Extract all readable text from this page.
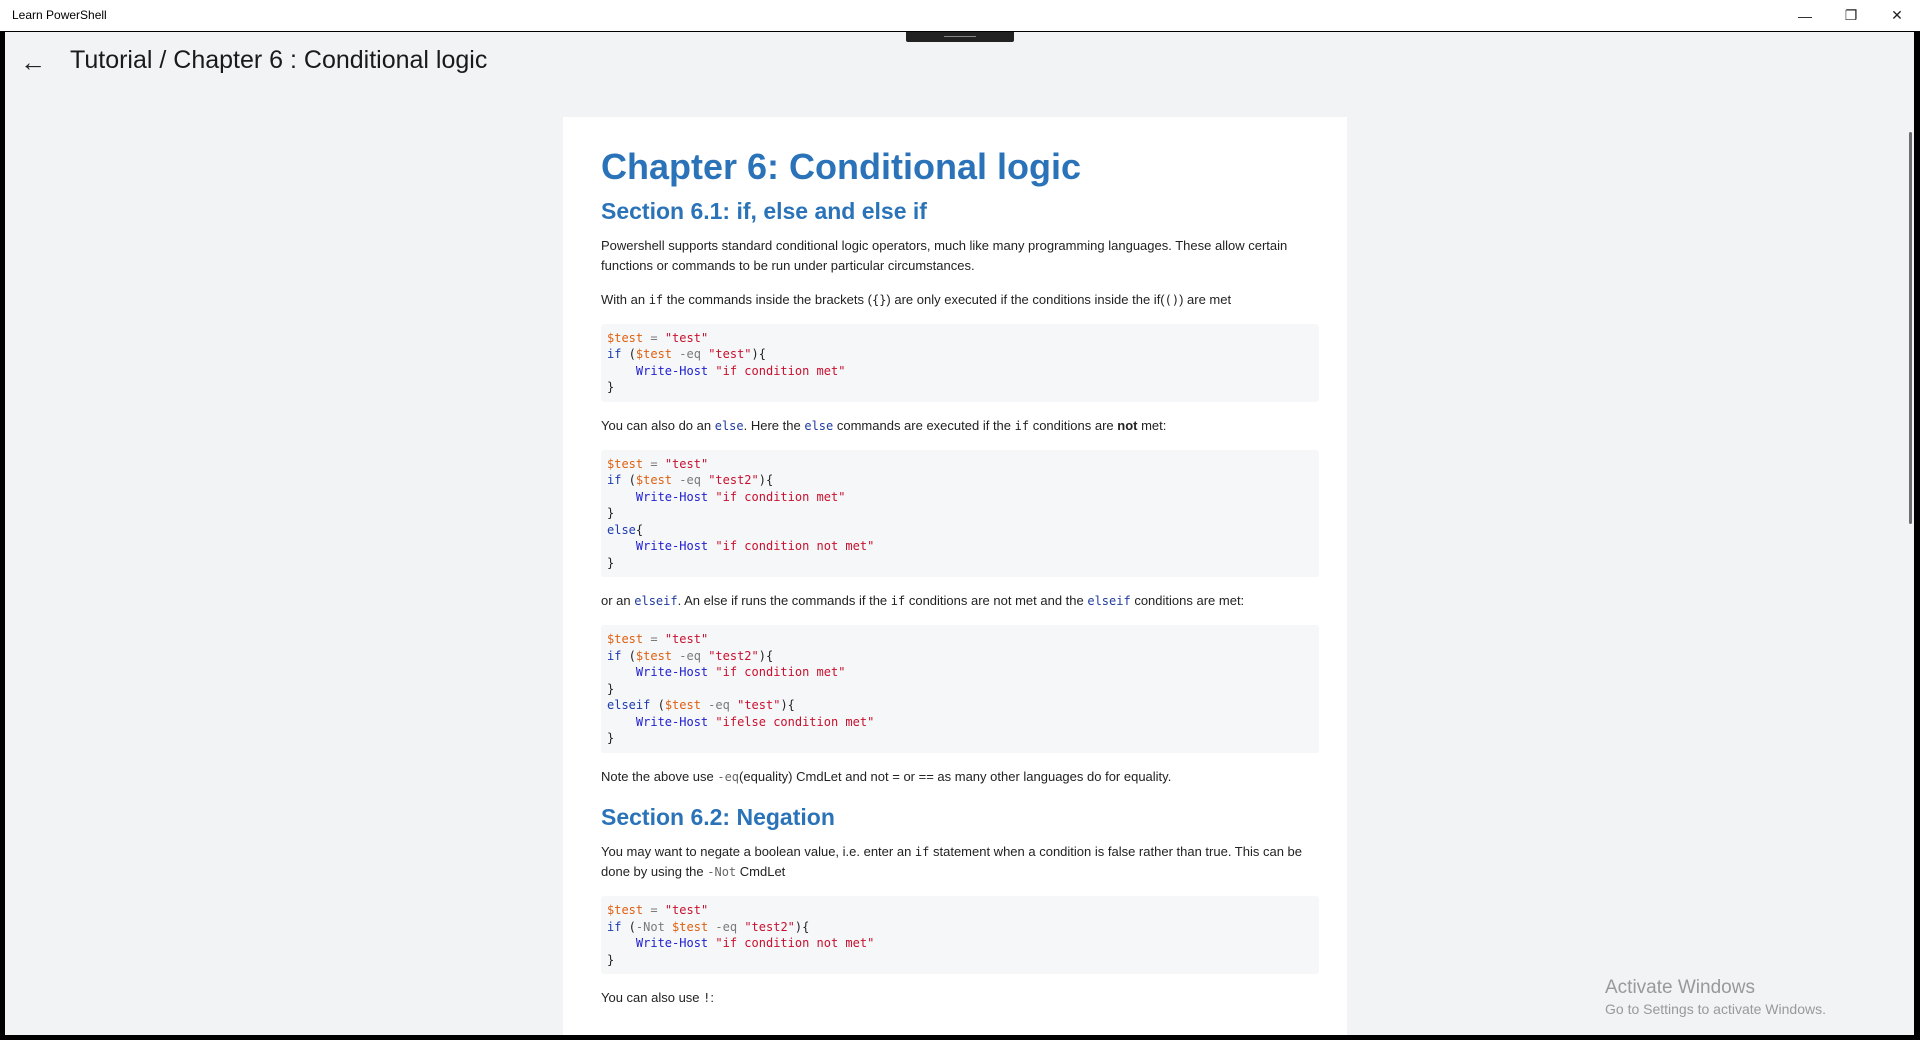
Learn PowerShell	— ❐ ✕
← Tutorial / Chapter 6 : Conditional logic
Chapter 6: Conditional logic
Section 6.1: if, else and else if

Powershell supports standard conditional logic operators, much like many programming languages. These allow certain functions or commands to be run under particular circumstances.

With an if the commands inside the brackets ({}) are only executed if the conditions inside the if(()) are met

$test = "test"
if ($test -eq "test"){
Write-Host "if condition met"
}

You can also do an else. Here the else commands are executed if the if conditions are not met:

$test = "test"
if ($test -eq "test2"){
Write-Host "if condition met"
}
else{
Write-Host "if condition not met"
}

or an elseif. An else if runs the commands if the if conditions are not met and the elseif conditions are met:

$test = "test"
if ($test -eq "test2"){
Write-Host "if condition met"
}
elseif ($test -eq "test"){
Write-Host "ifelse condition met"
}

Note the above use -eq(equality) CmdLet and not = or == as many other languages do for equality.

Section 6.2: Negation

You may want to negate a boolean value, i.e. enter an if statement when a condition is false rather than true. This can be done by using the -Not CmdLet

$test = "test"
if (-Not $test -eq "test2"){
Write-Host "if condition not met"
}

You can also use !:	Activate Windows
Go to Settings to activate Windows.
